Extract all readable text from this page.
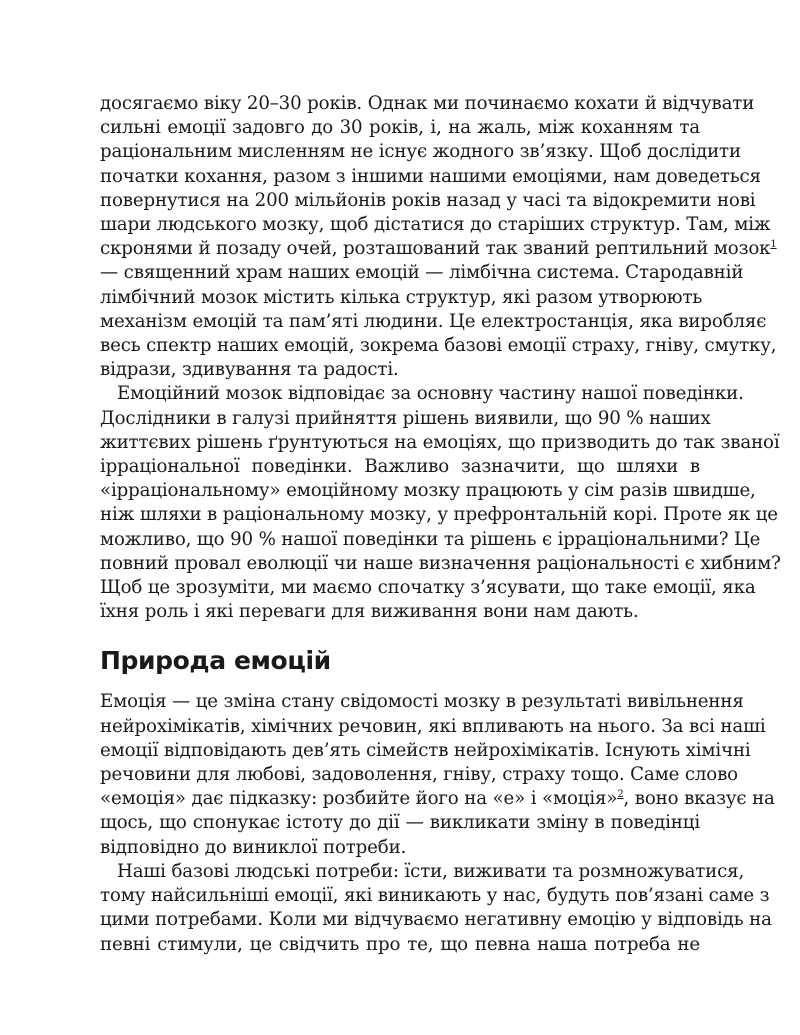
досягаємо віку 20–30 років. Однак ми починаємо кохати й відчувати
сильні емоції задовго до 30 років, і, на жаль, між коханням та
раціональним мисленням не існує жодного зв’язку. Щоб дослідити
початки кохання, разом з іншими нашими емоціями, нам доведеться
повернутися на 200 мільйонів років назад у часі та відокремити нові
шари людського мозку, щоб дістатися до старіших структур. Там, між
скронями й позаду очей, розташований так званий рептильний мозок$^1$
— священний храм наших емоцій — лімбічна система. Стародавній
лімбічний мозок містить кілька структур, які разом утворюють
механізм емоцій та пам’яті людини. Це електростанція, яка виробляє
весь спектр наших емоцій, зокрема базові емоції страху, гніву, смутку,
відрази, здивування та радості.
Емоційний мозок відповідає за основну частину нашої поведінки.
Дослідники в галузі прийняття рішень виявили, що 90 % наших
життєвих рішень ґрунтуються на емоціях, що призводить до так званої
ірраціональної поведінки. Важливо зазначити, що шляхи в
«ірраціональному» емоційному мозку працюють у сім разів швидше,
ніж шляхи в раціональному мозку, у префронтальній корі. Проте як це
можливо, що 90 % нашої поведінки та рішень є ірраціональними? Це
повний провал еволюції чи наше визначення раціональності є хибним?
Щоб це зрозуміти, ми маємо спочатку з’ясувати, що таке емоції, яка
їхня роль і які переваги для виживання вони нам дають.
Природа емоцій
Емоція — це зміна стану свідомості мозку в результаті вивільнення
нейрохімікатів, хімічних речовин, які впливають на нього. За всі наші
емоції відповідають дев’ять сімейств нейрохімікатів. Існують хімічні
речовини для любові, задоволення, гніву, страху тощо. Саме слово
«емоція» дає підказку: розбийте його на «е» і «моція»$^2$, воно вказує на
щось, що спонукає істоту до дії — викликати зміну в поведінці
відповідно до виниклої потреби.
Наші базові людські потреби: їсти, виживати та розмножуватися,
тому найсильніші емоції, які виникають у нас, будуть пов’язані саме з
цими потребами. Коли ми відчуваємо негативну емоцію у відповідь на
певні стимули, це свідчить про те, що певна наша потреба не
